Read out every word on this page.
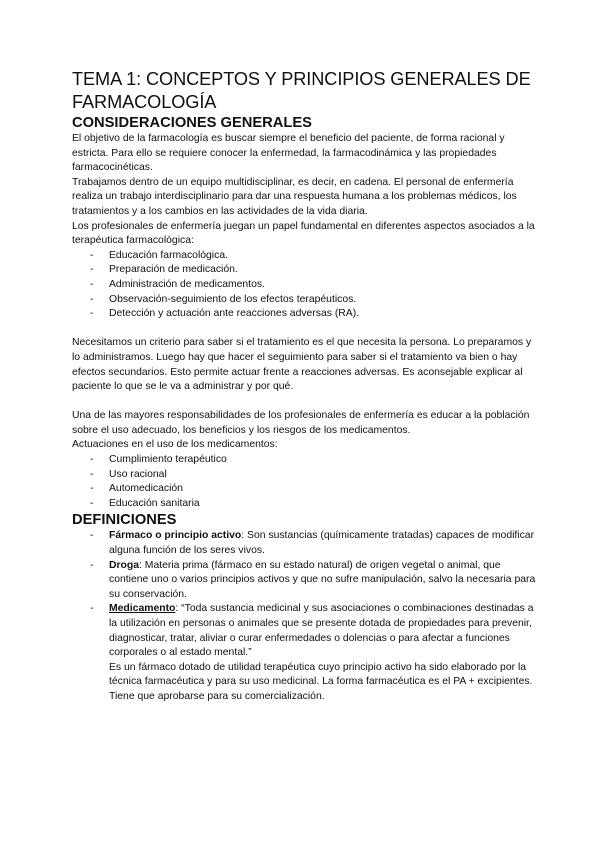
TEMA 1: CONCEPTOS Y PRINCIPIOS GENERALES DE FARMACOLOGÍA
CONSIDERACIONES GENERALES

El objetivo de la farmacología es buscar siempre el beneficio del paciente, de forma racional y estricta. Para ello se requiere conocer la enfermedad, la farmacodinámica y las propiedades farmacocinéticas.

Trabajamos dentro de un equipo multidisciplinar, es decir, en cadena. El personal de enfermería realiza un trabajo interdisciplinario para dar una respuesta humana a los problemas médicos, los tratamientos y a los cambios en las actividades de la vida diaria.

Los profesionales de enfermería juegan un papel fundamental en diferentes aspectos asociados a la terapéutica farmacológica:

- Educación farmacológica.
- Preparación de medicación.
- Administración de medicamentos.
- Observación-seguimiento de los efectos terapéuticos.
- Detección y actuación ante reacciones adversas (RA).

Necesitamos un criterio para saber si el tratamiento es el que necesita la persona. Lo preparamos y lo administramos. Luego hay que hacer el seguimiento para saber si el tratamiento va bien o hay efectos secundarios. Esto permite actuar frente a reacciones adversas. Es aconsejable explicar al paciente lo que se le va a administrar y por qué.

Una de las mayores responsabilidades de los profesionales de enfermería es educar a la población sobre el uso adecuado, los beneficios y los riesgos de los medicamentos.

Actuaciones en el uso de los medicamentos:

- Cumplimiento terapéutico
- Uso racional
- Automedicación
- Educación sanitaria
DEFINICIONES
- Fármaco o principio activo: Son sustancias (químicamente tratadas) capaces de modificar alguna función de los seres vivos.
- Droga: Materia prima (fármaco en su estado natural) de origen vegetal o animal, que contiene uno o varios principios activos y que no sufre manipulación, salvo la necesaria para su conservación.
- Medicamento: “Toda sustancia medicinal y sus asociaciones o combinaciones destinadas a la utilización en personas o animales que se presente dotada de propiedades para prevenir, diagnosticar, tratar, aliviar o curar enfermedades o dolencias o para afectar a funciones corporales o al estado mental.”
Es un fármaco dotado de utilidad terapéutica cuyo principio activo ha sido elaborado por la técnica farmacéutica y para su uso medicinal. La forma farmacéutica es el PA + excipientes. Tiene que aprobarse para su comercialización.
